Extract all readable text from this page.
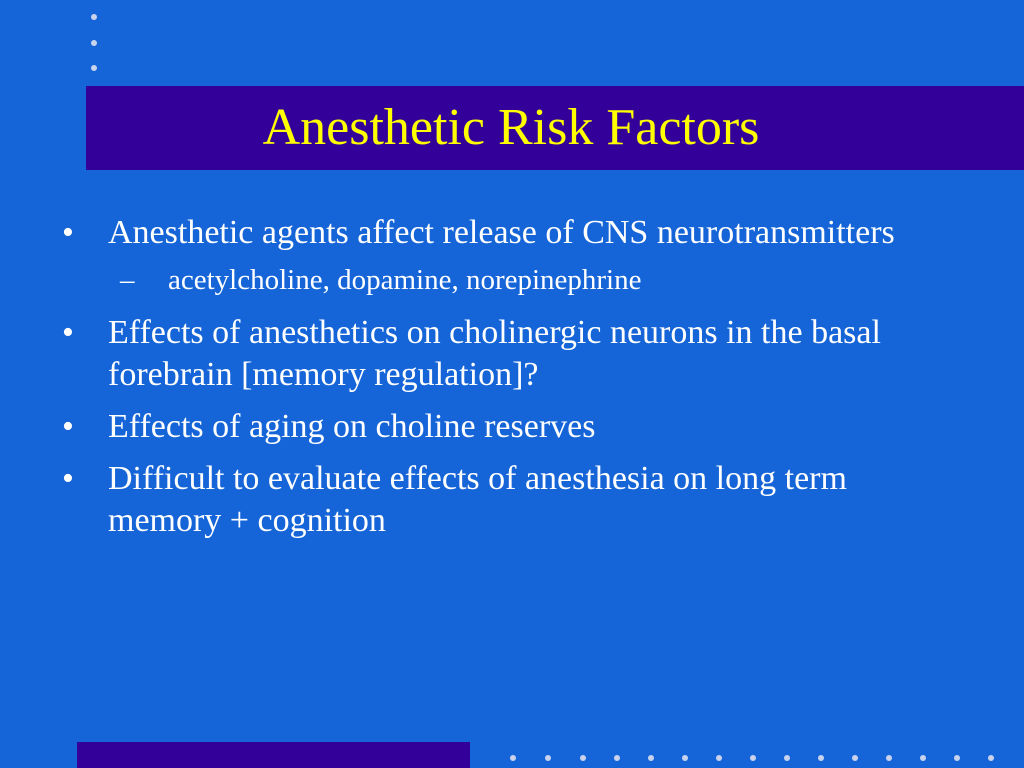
Anesthetic Risk Factors
•	Anesthetic agents affect release of CNS neurotransmitters
– acetylcholine, dopamine, norepinephrine
•	Effects of anesthetics on cholinergic neurons in the basal forebrain [memory regulation]?
•	Effects of aging on choline reserves
•	Difficult to evaluate effects of anesthesia on long term memory + cognition
